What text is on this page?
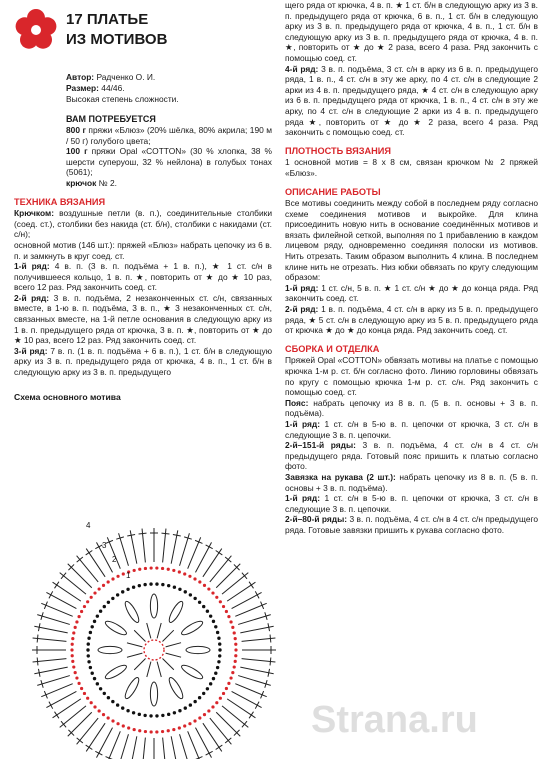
17 ПЛАТЬЕ
ИЗ МОТИВОВ
Автор: Радченко О. И.
Размер: 44/46.
Высокая степень сложности.
ВАМ ПОТРЕБУЕТСЯ

800 г пряжи «Блюз» (20% шёлка, 80% акрила; 190 м / 50 г) голубого цвета;

100 г пряжи Opal «COTTON» (30 % хлопка, 38 % шерсти суперуош, 32 % нейлона) в голубых тонах (5061);

крючок № 2.

ТЕХНИКА ВЯЗАНИЯ

Крючком: воздушные петли (в. п.), соединительные столбики (соед. ст.), столбики без накида (ст. б/н), столбики с накидами (ст. с/н);

основной мотив (146 шт.): пряжей «Блюз» набрать цепочку из 6 в. п. и замкнуть в круг соед. ст.

1-й ряд: 4 в. п. (3 в. п. подъёма + 1 в. п.), ★ 1 ст. с/н в получившееся кольцо, 1 в. п. ★, повторить от ★ до ★ 10 раз, всего 12 раз. Ряд закончить соед. ст.

2-й ряд: 3 в. п. подъёма, 2 незаконченных ст. с/н, связанных вместе, в 1-ю в. п. подъёма, 3 в. п., ★ 3 незаконченных ст. с/н, связанных вместе, на 1-й петле основания в следующую арку из 1 в. п. предыдущего ряда от крючка, 3 в. п. ★, повторить от ★ до ★ 10 раз, всего 12 раз. Ряд закончить соед. ст.

3-й ряд: 7 в. п. (1 в. п. подъёма + 6 в. п.), 1 ст. б/н в следующую арку из 3 в. п. предыдущего ряда от крючка, 4 в. п., 1 ст. б/н в следующую арку из 3 в. п. предыдущего

Схема основного мотива
4
3
2
1

щего ряда от крючка, 4 в. п. ★ 1 ст. б/н в следующую арку из 3 в. п. предыдущего ряда от крючка, 6 в. п., 1 ст. б/н в следующую арку из 3 в. п. предыдущего ряда от крючка, 4 в. п., 1 ст. б/н в следующую арку из 3 в. п. предыдущего ряда от крючка, 4 в. п. ★, повторить от ★ до ★ 2 раза, всего 4 раза. Ряд закончить с помощью соед. ст.

4-й ряд: 3 в. п. подъёма, 3 ст. с/н в арку из 6 в. п. предыдущего ряда, 1 в. п., 4 ст. с/н в эту же арку, по 4 ст. с/н в следующие 2 арки из 4 в. п. предыдущего ряда, ★ 4 ст. с/н в следующую арку из 6 в. п. предыдущего ряда от крючка, 1 в. п., 4 ст. с/н в эту же арку, по 4 ст. с/н в следующие 2 арки из 4 в. п. предыдущего ряда ★, повторить от ★ до ★ 2 раза, всего 4 раза. Ряд закончить с помощью соед. ст.

ПЛОТНОСТЬ ВЯЗАНИЯ

1 основной мотив = 8 х 8 см, связан крючком № 2 пряжей «Блюз».

ОПИСАНИЕ РАБОТЫ

Все мотивы соединить между собой в последнем ряду согласно схеме соединения мотивов и выкройке. Для клина присоединить новую нить в основание соединённых мотивов и вязать филейной сеткой, выполняя по 1 прибавлению в каждом лицевом ряду, одновременно соединяя полоски из мотивов. Нить отрезать. Таким образом выполнить 4 клина. В последнем клине нить не отрезать. Низ юбки обвязать по кругу следующим образом:

1-й ряд: 1 ст. с/н, 5 в. п. ★ 1 ст. с/н ★ до ★ до конца ряда. Ряд закончить соед. ст.

2-й ряд: 1 в. п. подъёма, 4 ст. с/н в арку из 5 в. п. предыдущего ряда, ★ 5 ст. с/н в следующую арку из 5 в. п. предыдущего ряда от крючка ★ до ★ до конца ряда. Ряд закончить соед. ст.

СБОРКА И ОТДЕЛКА

Пряжей Opal «COTTON» обвязать мотивы на платье с помощью крючка 1-м р. ст. б/н согласно фото. Линию горловины обвязать по кругу с помощью крючка 1-м р. ст. с/н. Ряд закончить с помощью соед. ст.

Пояс: набрать цепочку из 8 в. п. (5 в. п. основы + 3 в. п. подъёма).

1-й ряд: 1 ст. с/н в 5-ю в. п. цепочки от крючка, 3 ст. с/н в следующие 3 в. п. цепочки.

2-й–151-й ряды: 3 в. п. подъёма, 4 ст. с/н в 4 ст. с/н предыдущего ряда. Готовый пояс пришить к платью согласно фото.

Завязка на рукава (2 шт.): набрать цепочку из 8 в. п. (5 в. п. основы + 3 в. п. подъёма).

1-й ряд: 1 ст. с/н в 5-ю в. п. цепочки от крючка, 3 ст. с/н в следующие 3 в. п. цепочки.

2-й–80-й ряды: 3 в. п. подъёма, 4 ст. с/н в 4 ст. с/н предыдущего ряда. Готовые завязки пришить к рукава согласно фото.

Strana.ru
